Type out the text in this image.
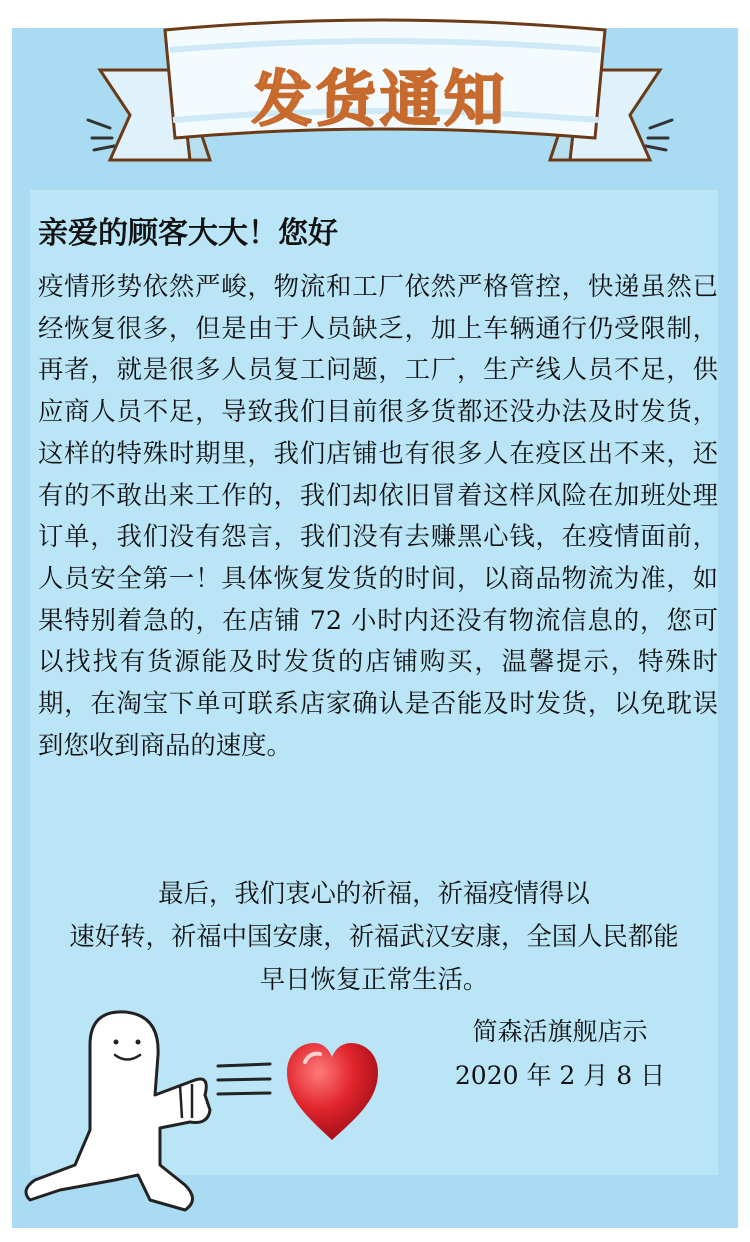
发货通知
亲爱的顾客大大！您好
疫情形势依然严峻，物流和工厂依然严格管控，快递虽然已经恢复很多，但是由于人员缺乏，加上车辆通行仍受限制，再者，就是很多人员复工问题，工厂，生产线人员不足，供应商人员不足，导致我们目前很多货都还没办法及时发货，这样的特殊时期里，我们店铺也有很多人在疫区出不来，还有的不敢出来工作的，我们却依旧冒着这样风险在加班处理订单，我们没有怨言，我们没有去赚黑心钱，在疫情面前，人员安全第一！具体恢复发货的时间，以商品物流为准，如果特别着急的，在店铺 72 小时内还没有物流信息的，您可以找找有货源能及时发货的店铺购买，温馨提示，特殊时期，在淘宝下单可联系店家确认是否能及时发货，以免耽误到您收到商品的速度。
最后，我们衷心的祈福，祈福疫情得以
速好转，祈福中国安康，祈福武汉安康，全国人民都能
早日恢复正常生活。
简森活旗舰店示
2020 年 2 月 8 日
